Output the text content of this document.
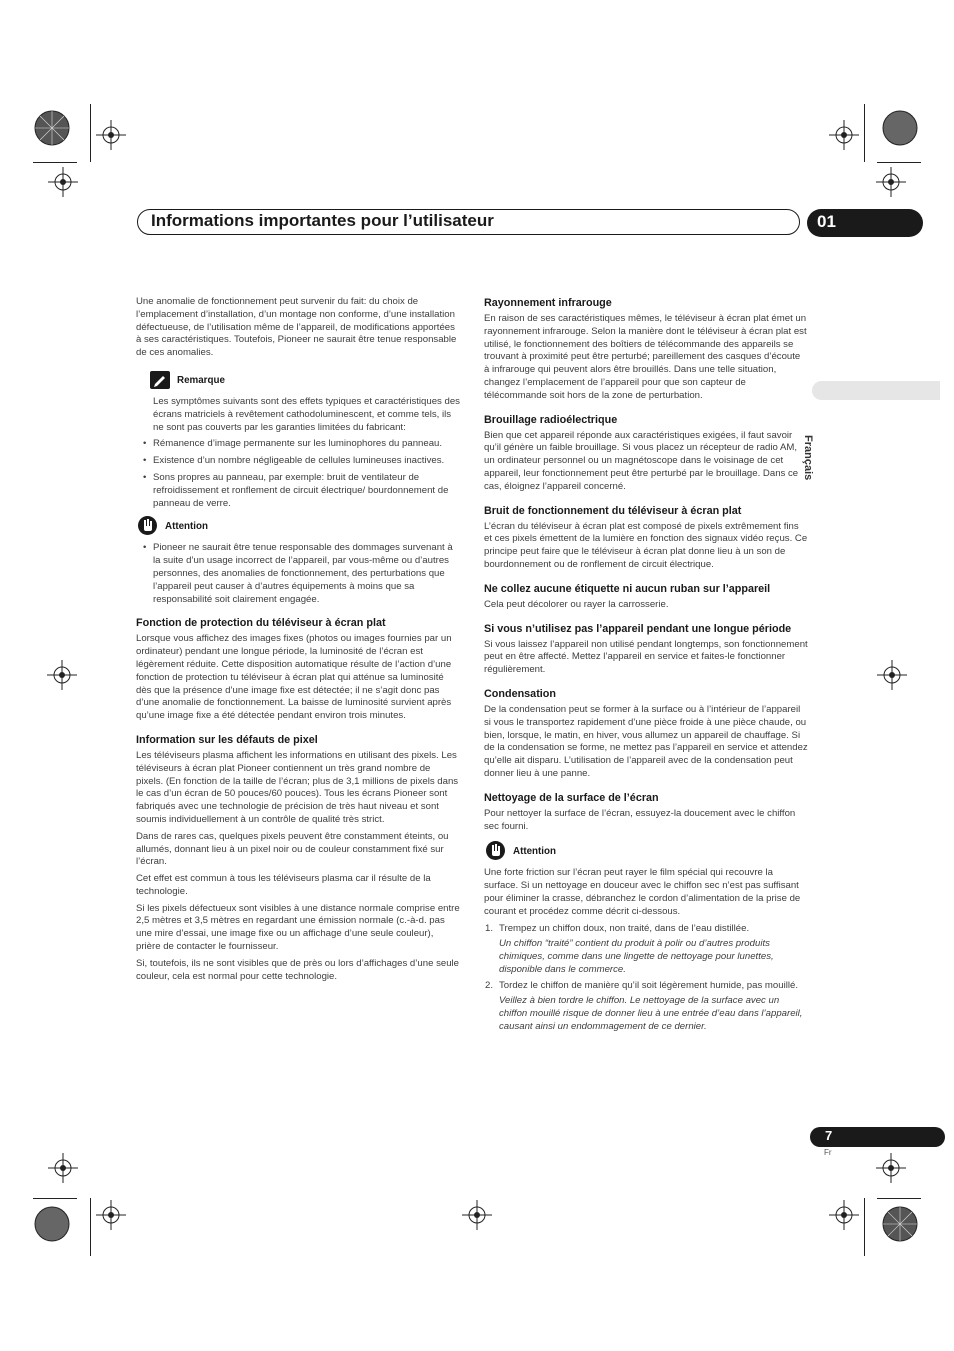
Informations importantes pour l’utilisateur	01
Français

Une anomalie de fonctionnement peut survenir du fait: du choix de l’emplacement d’installation, d’un montage non conforme, d’une installation défectueuse, de l’utilisation même de l’appareil, de modifications apportées à ses caractéristiques. Toutefois, Pioneer ne saurait être tenue responsable de ces anomalies.

Remarque

Les symptômes suivants sont des effets typiques et caractéristiques des écrans matriciels à revêtement cathodoluminescent, et comme tels, ils ne sont pas couverts par les garanties limitées du fabricant:

• Rémanence d’image permanente sur les luminophores du panneau.
• Existence d’un nombre négligeable de cellules lumineuses inactives.
• Sons propres au panneau, par exemple: bruit de ventilateur de refroidissement et ronflement de circuit électrique/ bourdonnement de panneau de verre.
Attention
• Pioneer ne saurait être tenue responsable des dommages survenant à la suite d’un usage incorrect de l’appareil, par vous-même ou d’autres personnes, des anomalies de fonctionnement, des perturbations que l’appareil peut causer à d’autres équipements à moins que sa responsabilité soit clairement engagée.
Fonction de protection du téléviseur à écran plat

Lorsque vous affichez des images fixes (photos ou images fournies par un ordinateur) pendant une longue période, la luminosité de l’écran est légèrement réduite. Cette disposition automatique résulte de l’action d’une fonction de protection tu téléviseur à écran plat qui atténue sa luminosité dès que la présence d’une image fixe est détectée; il ne s’agit donc pas d’une anomalie de fonctionnement. La baisse de luminosité survient après qu’une image fixe a été détectée pendant environ trois minutes.

Information sur les défauts de pixel

Les téléviseurs plasma affichent les informations en utilisant des pixels. Les téléviseurs à écran plat Pioneer contiennent un très grand nombre de pixels. (En fonction de la taille de l’écran; plus de 3,1 millions de pixels dans le cas d’un écran de 50 pouces/60 pouces). Tous les écrans Pioneer sont fabriqués avec une technologie de précision de très haut niveau et sont soumis individuellement à un contrôle de qualité très strict.

Dans de rares cas, quelques pixels peuvent être constamment éteints, ou allumés, donnant lieu à un pixel noir ou de couleur constamment fixé sur l’écran.

Cet effet est commun à tous les téléviseurs plasma car il résulte de la technologie.

Si les pixels défectueux sont visibles à une distance normale comprise entre 2,5 mètres et 3,5 mètres en regardant une émission normale (c.-à-d. pas une mire d’essai, une image fixe ou un affichage d’une seule couleur), prière de contacter le fournisseur.

Si, toutefois, ils ne sont visibles que de près ou lors d’affichages d’une seule couleur, cela est normal pour cette technologie.

Rayonnement infrarouge

En raison de ses caractéristiques mêmes, le téléviseur à écran plat émet un rayonnement infrarouge. Selon la manière dont le téléviseur à écran plat est utilisé, le fonctionnement des boîtiers de télécommande des appareils se trouvant à proximité peut être perturbé; pareillement des casques d’écoute à infrarouge qui peuvent alors être brouillés. Dans une telle situation, changez l’emplacement de l’appareil pour que son capteur de télécommande soit hors de la zone de perturbation.

Brouillage radioélectrique

Bien que cet appareil réponde aux caractéristiques exigées, il faut savoir qu’il génère un faible brouillage. Si vous placez un récepteur de radio AM, un ordinateur personnel ou un magnétoscope dans le voisinage de cet appareil, leur fonctionnement peut être perturbé par le brouillage. Dans ce cas, éloignez l’appareil concerné.

Bruit de fonctionnement du téléviseur à écran plat

L’écran du téléviseur à écran plat est composé de pixels extrêmement fins et ces pixels émettent de la lumière en fonction des signaux vidéo reçus. Ce principe peut faire que le téléviseur à écran plat donne lieu à un son de bourdonnement ou de ronflement de circuit électrique.

Ne collez aucune étiquette ni aucun ruban sur l’appareil

Cela peut décolorer ou rayer la carrosserie.

Si vous n’utilisez pas l’appareil pendant une longue période

Si vous laissez l’appareil non utilisé pendant longtemps, son fonctionnement peut en être affecté. Mettez l’appareil en service et faites-le fonctionner régulièrement.

Condensation

De la condensation peut se former à la surface ou à l’intérieur de l’appareil si vous le transportez rapidement d’une pièce froide à une pièce chaude, ou bien, lorsque, le matin, en hiver, vous allumez un appareil de chauffage. Si de la condensation se forme, ne mettez pas l’appareil en service et attendez qu’elle ait disparu. L’utilisation de l’appareil avec de la condensation peut donner lieu à une panne.

Nettoyage de la surface de l’écran

Pour nettoyer la surface de l’écran, essuyez-la doucement avec le chiffon sec fourni.

Attention

Une forte friction sur l’écran peut rayer le film spécial qui recouvre la surface. Si un nettoyage en douceur avec le chiffon sec n’est pas suffisant pour éliminer la crasse, débranchez le cordon d’alimentation de la prise de courant et procédez comme décrit ci-dessous.

1. Trempez un chiffon doux, non traité, dans de l’eau distillée.
Un chiffon “traité” contient du produit à polir ou d’autres produits chimiques, comme dans une lingette de nettoyage pour lunettes, disponible dans le commerce.
2. Tordez le chiffon de manière qu’il soit légèrement humide, pas mouillé.
Veillez à bien tordre le chiffon. Le nettoyage de la surface avec un chiffon mouillé risque de donner lieu à une entrée d’eau dans l’appareil, causant ainsi un endommagement de ce dernier.
7
Fr
